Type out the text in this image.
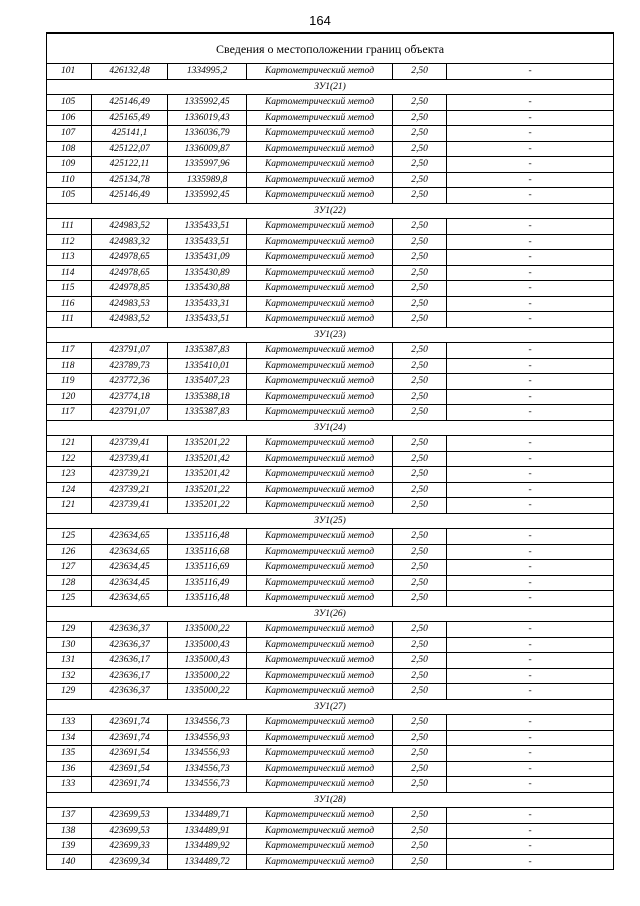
164
Сведения о местоположении границ объекта					
101	426132,48	1334995,2	Картометрический метод	2,50	-
ЗУ1(21)					
105	425146,49	1335992,45	Картометрический метод	2,50	-
106	425165,49	1336019,43	Картометрический метод	2,50	-
107	425141,1	1336036,79	Картометрический метод	2,50	-
108	425122,07	1336009,87	Картометрический метод	2,50	-
109	425122,11	1335997,96	Картометрический метод	2,50	-
110	425134,78	1335989,8	Картометрический метод	2,50	-
105	425146,49	1335992,45	Картометрический метод	2,50	-
ЗУ1(22)					
111	424983,52	1335433,51	Картометрический метод	2,50	-
112	424983,32	1335433,51	Картометрический метод	2,50	-
113	424978,65	1335431,09	Картометрический метод	2,50	-
114	424978,65	1335430,89	Картометрический метод	2,50	-
115	424978,85	1335430,88	Картометрический метод	2,50	-
116	424983,53	1335433,31	Картометрический метод	2,50	-
111	424983,52	1335433,51	Картометрический метод	2,50	-
ЗУ1(23)					
117	423791,07	1335387,83	Картометрический метод	2,50	-
118	423789,73	1335410,01	Картометрический метод	2,50	-
119	423772,36	1335407,23	Картометрический метод	2,50	-
120	423774,18	1335388,18	Картометрический метод	2,50	-
117	423791,07	1335387,83	Картометрический метод	2,50	-
ЗУ1(24)					
121	423739,41	1335201,22	Картометрический метод	2,50	-
122	423739,41	1335201,42	Картометрический метод	2,50	-
123	423739,21	1335201,42	Картометрический метод	2,50	-
124	423739,21	1335201,22	Картометрический метод	2,50	-
121	423739,41	1335201,22	Картометрический метод	2,50	-
ЗУ1(25)					
125	423634,65	1335116,48	Картометрический метод	2,50	-
126	423634,65	1335116,68	Картометрический метод	2,50	-
127	423634,45	1335116,69	Картометрический метод	2,50	-
128	423634,45	1335116,49	Картометрический метод	2,50	-
125	423634,65	1335116,48	Картометрический метод	2,50	-
ЗУ1(26)					
129	423636,37	1335000,22	Картометрический метод	2,50	-
130	423636,37	1335000,43	Картометрический метод	2,50	-
131	423636,17	1335000,43	Картометрический метод	2,50	-
132	423636,17	1335000,22	Картометрический метод	2,50	-
129	423636,37	1335000,22	Картометрический метод	2,50	-
ЗУ1(27)					
133	423691,74	1334556,73	Картометрический метод	2,50	-
134	423691,74	1334556,93	Картометрический метод	2,50	-
135	423691,54	1334556,93	Картометрический метод	2,50	-
136	423691,54	1334556,73	Картометрический метод	2,50	-
133	423691,74	1334556,73	Картометрический метод	2,50	-
ЗУ1(28)					
137	423699,53	1334489,71	Картометрический метод	2,50	-
138	423699,53	1334489,91	Картометрический метод	2,50	-
139	423699,33	1334489,92	Картометрический метод	2,50	-
140	423699,34	1334489,72	Картометрический метод	2,50	-
